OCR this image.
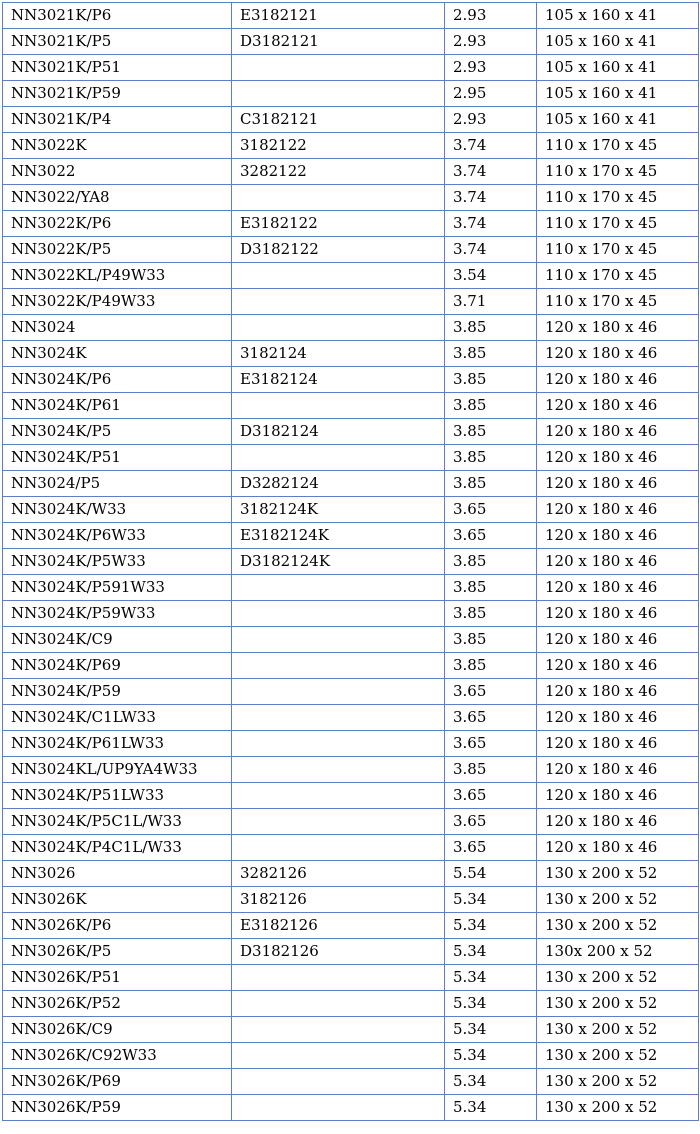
NN3021K/P6	E3182121	2.93	105 x 160 x 41
NN3021K/P5	D3182121	2.93	105 x 160 x 41
NN3021K/P51		2.93	105 x 160 x 41
NN3021K/P59		2.95	105 x 160 x 41
NN3021K/P4	C3182121	2.93	105 x 160 x 41
NN3022K	3182122	3.74	110 x 170 x 45
NN3022	3282122	3.74	110 x 170 x 45
NN3022/YA8		3.74	110 x 170 x 45
NN3022K/P6	E3182122	3.74	110 x 170 x 45
NN3022K/P5	D3182122	3.74	110 x 170 x 45
NN3022KL/P49W33		3.54	110 x 170 x 45
NN3022K/P49W33		3.71	110 x 170 x 45
NN3024		3.85	120 x 180 x 46
NN3024K	3182124	3.85	120 x 180 x 46
NN3024K/P6	E3182124	3.85	120 x 180 x 46
NN3024K/P61		3.85	120 x 180 x 46
NN3024K/P5	D3182124	3.85	120 x 180 x 46
NN3024K/P51		3.85	120 x 180 x 46
NN3024/P5	D3282124	3.85	120 x 180 x 46
NN3024K/W33	3182124K	3.65	120 x 180 x 46
NN3024K/P6W33	E3182124K	3.65	120 x 180 x 46
NN3024K/P5W33	D3182124K	3.85	120 x 180 x 46
NN3024K/P591W33		3.85	120 x 180 x 46
NN3024K/P59W33		3.85	120 x 180 x 46
NN3024K/C9		3.85	120 x 180 x 46
NN3024K/P69		3.85	120 x 180 x 46
NN3024K/P59		3.65	120 x 180 x 46
NN3024K/C1LW33		3.65	120 x 180 x 46
NN3024K/P61LW33		3.65	120 x 180 x 46
NN3024KL/UP9YA4W33		3.85	120 x 180 x 46
NN3024K/P51LW33		3.65	120 x 180 x 46
NN3024K/P5C1L/W33		3.65	120 x 180 x 46
NN3024K/P4C1L/W33		3.65	120 x 180 x 46
NN3026	3282126	5.54	130 x 200 x 52
NN3026K	3182126	5.34	130 x 200 x 52
NN3026K/P6	E3182126	5.34	130 x 200 x 52
NN3026K/P5	D3182126	5.34	130x 200 x 52
NN3026K/P51		5.34	130 x 200 x 52
NN3026K/P52		5.34	130 x 200 x 52
NN3026K/C9		5.34	130 x 200 x 52
NN3026K/C92W33		5.34	130 x 200 x 52
NN3026K/P69		5.34	130 x 200 x 52
NN3026K/P59		5.34	130 x 200 x 52
